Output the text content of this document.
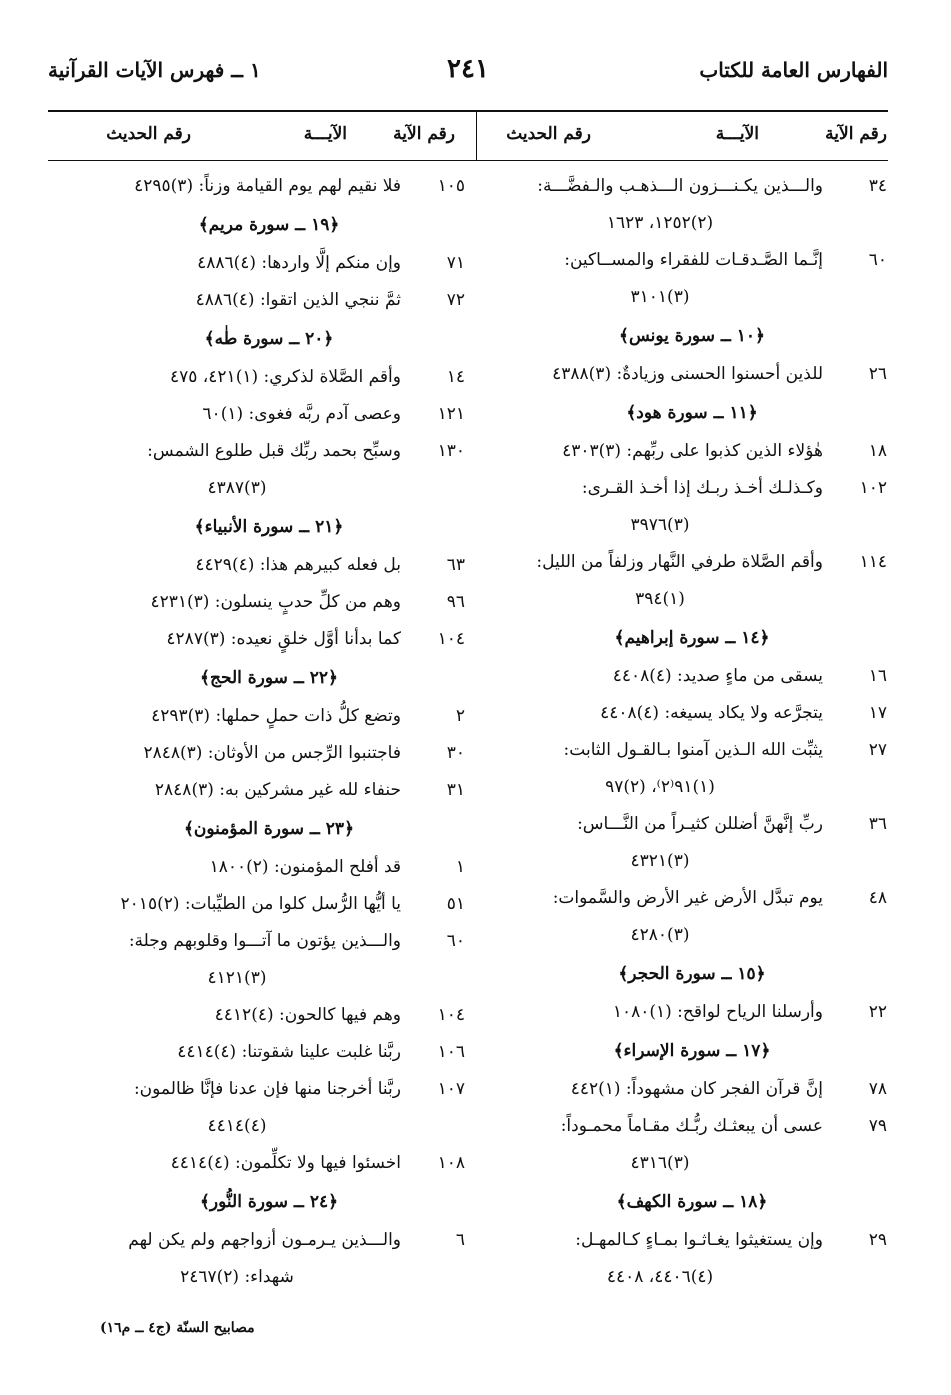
الفهارس العامة للكتاب
٢٤١
١ ــ فهرس الآيات القرآنية
رقم الآية
الآيـــة
رقم الحديث
رقم الآية
الآيـــة
رقم الحديث
٣٤
والـــذين يكـنـــزون الـــذهـب والـفضَّـــة:
(٢)١٢٥٢، ١٦٢٣
٦٠
إنَّـما الصَّـدقـات للفقراء والمســاكين:
(٣)٣١٠١
﴿١٠ ــ سورة يونس﴾
٢٦
للذين أحسنوا الحسنى وزيادةٌ: (٣)٤٣٨٨
﴿١١ ــ سورة هود﴾
١٨
هٰؤلاء الذين كذبوا على ربِّهم: (٣)٤٣٠٣
١٠٢
وكـذلـك أخـذ ربـك إذا أخـذ القـرى:
(٣)٣٩٧٦
١١٤
وأقم الصَّلاة طرفي النَّهار وزلفاً من الليل:
(١)٣٩٤
﴿١٤ ــ سورة إبراهيم﴾
١٦
يسقى من ماءٍ صديد: (٤)٤٤٠٨
١٧
يتجرَّعه ولا يكاد يسيغه: (٤)٤٤٠٨
٢٧
يثبِّت الله الـذين آمنوا بـالقـول الثابت:
(١)٩١⁽٢⁾، (٢)٩٧
٣٦
ربِّ إنَّهنَّ أضللن كثيـراً من النَّـــاس:
(٣)٤٣٢١
٤٨
يوم تبدَّل الأرض غير الأرض والسَّموات:
(٣)٤٢٨٠
﴿١٥ ــ سورة الحجر﴾
٢٢
وأرسلنا الرياح لواقح: (١)١٠٨٠
﴿١٧ ــ سورة الإسراء﴾
٧٨
إنَّ قرآن الفجر كان مشهوداً: (١)٤٤٢
٧٩
عسى أن يبعثـك ربُّـك مقـاماً محمـوداً:
(٣)٤٣١٦
﴿١٨ ــ سورة الكهف﴾
٢٩
وإن يستغيثوا يغـاثـوا بمـاءٍ كـالمهـل:
(٤)٤٤٠٦، ٤٤٠٨
١٠٥
فلا نقيم لهم يوم القيامة وزناً: (٣)٤٢٩٥
﴿١٩ ــ سورة مريم﴾
٧١
وإن منكم إلَّا واردها: (٤)٤٨٨٦
٧٢
ثمَّ ننجي الذين اتقوا: (٤)٤٨٨٦
﴿٢٠ ــ سورة طٰه﴾
١٤
وأقم الصَّلاة لذكري: (١)٤٢١، ٤٧٥
١٢١
وعصى آدم ربَّه فغوى: (١)٦٠
١٣٠
وسبِّح بحمد ربِّك قبل طلوع الشمس:
(٣)٤٣٨٧
﴿٢١ ــ سورة الأنبياء﴾
٦٣
بل فعله كبيرهم هذا: (٤)٤٤٢٩
٩٦
وهم من كلِّ حدبٍ ينسلون: (٣)٤٢٣١
١٠٤
كما بدأنا أوَّل خلقٍ نعيده: (٣)٤٢٨٧
﴿٢٢ ــ سورة الحج﴾
٢
وتضع كلُّ ذات حملٍ حملها: (٣)٤٢٩٣
٣٠
فاجتنبوا الرِّجس من الأوثان: (٣)٢٨٤٨
٣١
حنفاء لله غير مشركين به: (٣)٢٨٤٨
﴿٢٣ ــ سورة المؤمنون﴾
١
قد أفلح المؤمنون: (٢)١٨٠٠
٥١
يا أيُّها الرُّسل كلوا من الطيِّبات: (٢)٢٠١٥
٦٠
والـــذين يؤتون ما آتـــوا وقلوبهم وجلة:
(٣)٤١٢١
١٠٤
وهم فيها كالحون: (٤)٤٤١٢
١٠٦
ربَّنا غلبت علينا شقوتنا: (٤)٤٤١٤
١٠٧
ربَّنا أخرجنا منها فإن عدنا فإنَّا ظالمون:
(٤)٤٤١٤
١٠٨
اخسئوا فيها ولا تكلِّمون: (٤)٤٤١٤
﴿٢٤ ــ سورة النُّور﴾
٦
والـــذين يـرمـون أزواجهم ولم يكن لهم
شهداء: (٢)٢٤٦٧
مصابيح السنّة (ج٤ ــ م١٦)
